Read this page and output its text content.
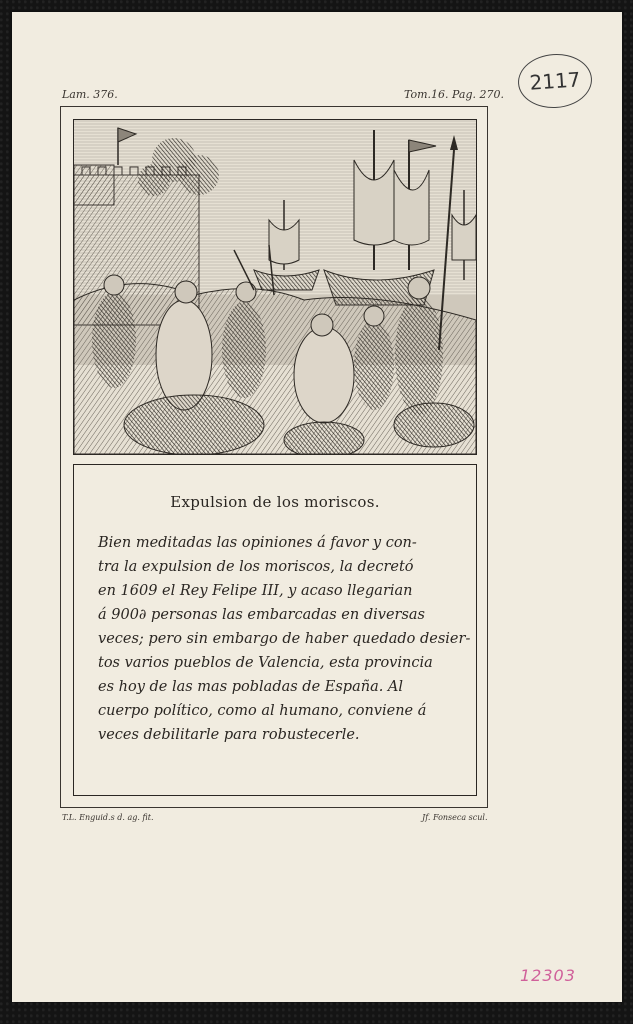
Lam. 376.	Tom.16. Pag. 270. 2117
Expulsion de los moriscos.
Bien meditadas las opiniones á favor y con-
tra la expulsion de los moriscos, la decretó
en 1609 el Rey Felipe III, y acaso llegarian
á 900∂ personas las embarcadas en diversas
veces; pero sin embargo de haber quedado desier-
tos varios pueblos de Valencia, esta provincia
es hoy de las mas pobladas de España. Al
cuerpo político, como al humano, conviene á
veces debilitarle para robustecerle.
T.L. Enguid.s d. ag. fit.	Jf. Fonseca scul.
12303
